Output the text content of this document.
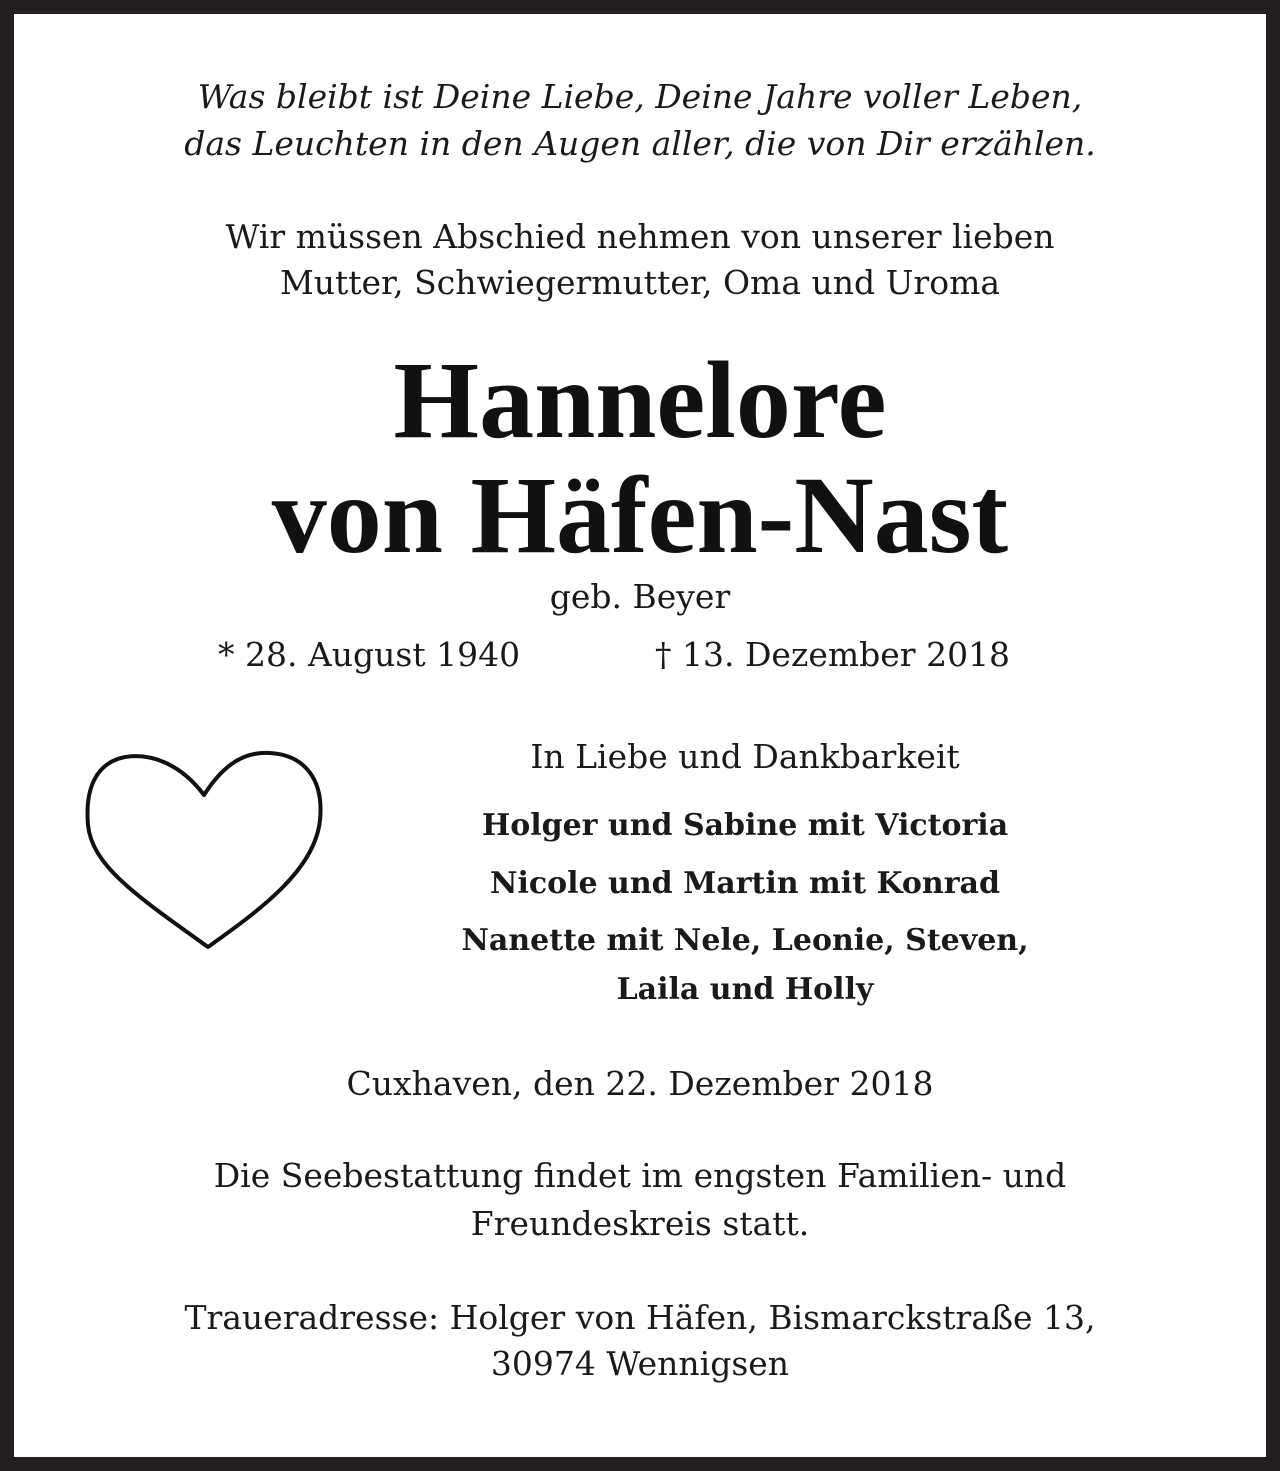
Was bleibt ist Deine Liebe, Deine Jahre voller Leben,
das Leuchten in den Augen aller, die von Dir erzählen.
Wir müssen Abschied nehmen von unserer lieben
Mutter, Schwiegermutter, Oma und Uroma
Hannelore
von Häfen-Nast
geb. Beyer
* 28. August 1940	† 13. Dezember 2018
In Liebe und Dankbarkeit
Holger und Sabine mit Victoria
Nicole und Martin mit Konrad
Nanette mit Nele, Leonie, Steven,
Laila und Holly
Cuxhaven, den 22. Dezember 2018
Die Seebestattung findet im engsten Familien- und
Freundeskreis statt.
Traueradresse: Holger von Häfen, Bismarckstraße 13,
30974 Wennigsen
